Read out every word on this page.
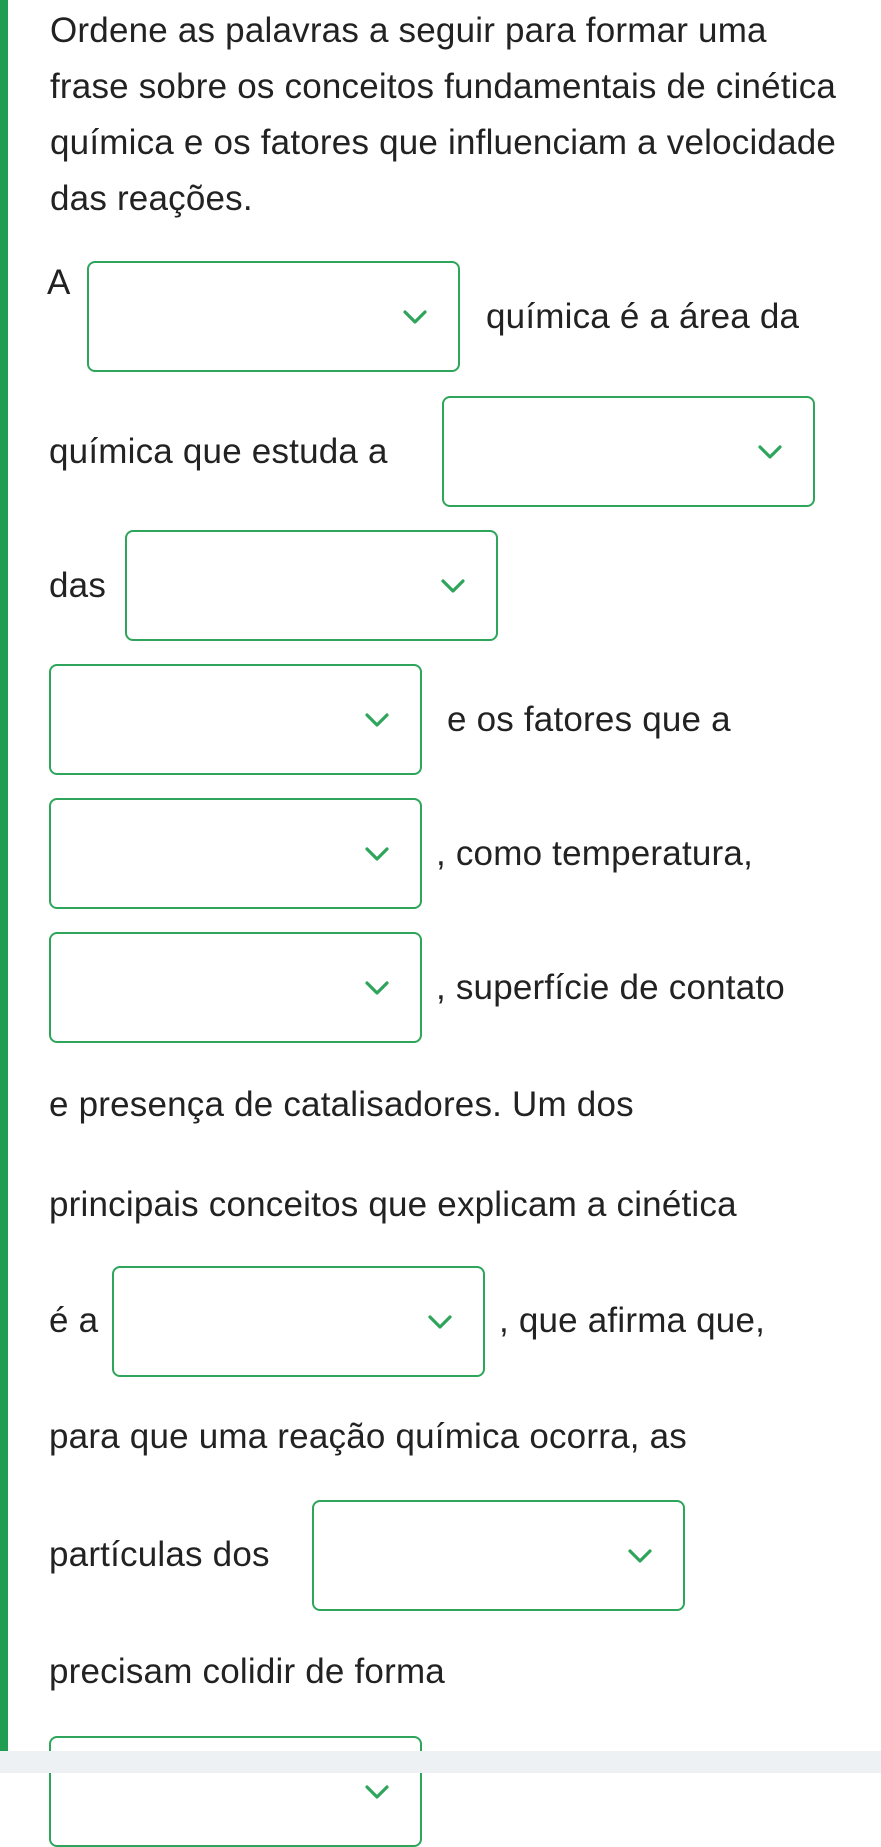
Ordene as palavras a seguir para formar uma frase sobre os conceitos fundamentais de cinética química e os fatores que influenciam a velocidade das reações.

A
química é a área da
química que estuda a
das
e os fatores que a
, como temperatura,
, superfície de contato
e presença de catalisadores. Um dos
principais conceitos que explicam a cinética
é a	, que afirma que,
para que uma reação química ocorra, as
partículas dos
precisam colidir de forma
